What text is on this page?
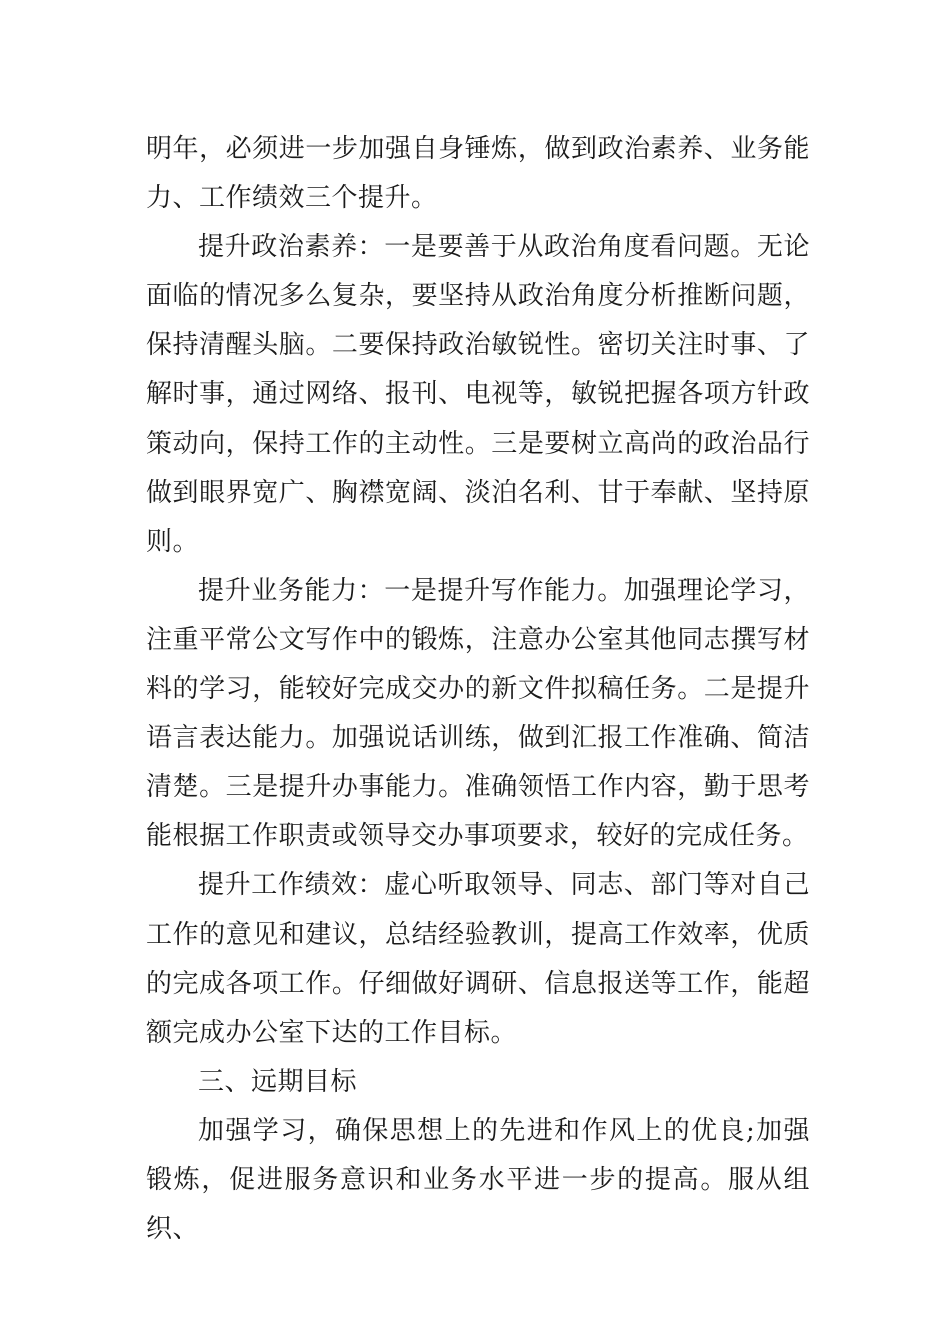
明年，必须进一步加强自身锤炼，做到政治素养、业务能力、工作绩效三个提升。

提升政治素养：一是要善于从政治角度看问题。无论面临的情况多么复杂，要坚持从政治角度分析推断问题，保持清醒头脑。二要保持政治敏锐性。密切关注时事、了解时事，通过网络、报刊、电视等，敏锐把握各项方针政策动向，保持工作的主动性。三是要树立高尚的政治品行做到眼界宽广、胸襟宽阔、淡泊名利、甘于奉献、坚持原则。

提升业务能力：一是提升写作能力。加强理论学习，注重平常公文写作中的锻炼，注意办公室其他同志撰写材料的学习，能较好完成交办的新文件拟稿任务。二是提升语言表达能力。加强说话训练，做到汇报工作准确、简洁清楚。三是提升办事能力。准确领悟工作内容，勤于思考能根据工作职责或领导交办事项要求，较好的完成任务。

提升工作绩效：虚心听取领导、同志、部门等对自己工作的意见和建议，总结经验教训，提高工作效率，优质的完成各项工作。仔细做好调研、信息报送等工作，能超额完成办公室下达的工作目标。

三、远期目标

加强学习，确保思想上的先进和作风上的优良;加强锻炼，促进服务意识和业务水平进一步的提高。服从组织、
